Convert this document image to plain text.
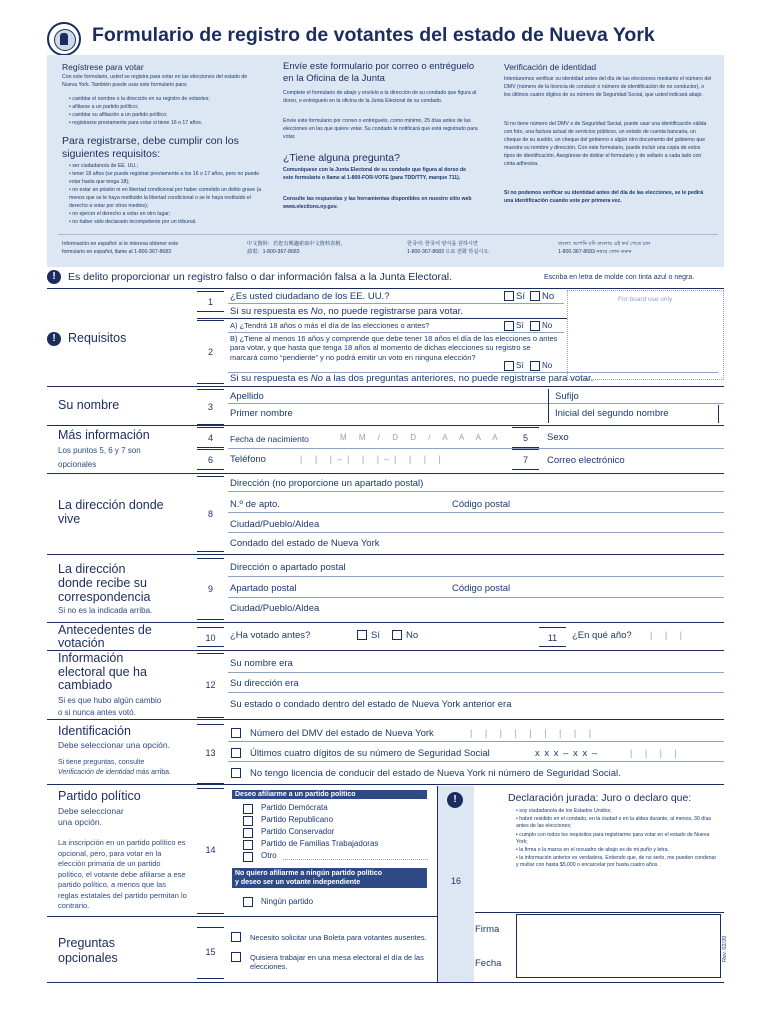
Formulario de registro de votantes del estado de Nueva York
Regístrese para votar
Con este formulario, usted se registra para votar en las elecciones del estado de Nueva York. También puede usar este formulario para:
• cambiar el nombre o la dirección en su registro de votantes;
• afiliarse a un partido político;
• cambiar su afiliación a un partido político;
• registrarse previamente para votar si tiene 16 o 17 años.
Para registrarse, debe cumplir con los siguientes requisitos:
• ser ciudadano/a de EE. UU.;
• tener 18 años (se puede registrar previamente a los 16 o 17 años, pero no puede votar hasta que tenga 18);
• no estar en prisión ni en libertad condicional por haber cometido un delito grave (a menos que se le haya restituido la libertad condicional o se le haya restituido el derecho a votar por otros medios);
• no ejercer el derecho a votar en otro lugar;
• no haber sido declarado incompetente por un tribunal.
Envíe este formulario por correo o entréguelo en la Oficina de la Junta
Complete el formulario de abajo y envíelo a la dirección de su condado que figura al dorso, o entréguelo en la oficina de la Junta Electoral de su condado.
Envíe este formulario por correo o entréguelo, como mínimo, 25 días antes de las elecciones en las que quiere votar. Su condado le notificará que está registrado para votar.
¿Tiene alguna pregunta?
Comuníquese con la Junta Electoral de su condado que figura al dorso de este formulario o llame al 1-800-FOR-VOTE (para TDD/TTY, marque 711).
Consulte las respuestas y las herramientas disponibles en nuestro sitio web www.elections.ny.gov.
Verificación de identidad
Intentaremos verificar su identidad antes del día de las elecciones mediante el número del DMV (número de la licencia de conducir o número de identificación de no conductor), o los últimos cuatro dígitos de su número de Seguridad Social, que usted indicará abajo.
Si no tiene número del DMV o de Seguridad Social, puede usar una identificación válida con foto, una factura actual de servicios públicos, un estado de cuenta bancaria, un cheque de su sueldo, un cheque del gobierno o algún otro documento del gobierno que muestre su nombre y dirección. Con este formulario, puede incluir una copia de estos tipos de identificación. Asegúrese de doblar el formulario y de sellarlo a cada lado con cinta adhesiva.
Si no podemos verificar su identidad antes del día de las elecciones, se le pedirá una identificación cuando vote por primera vez.
Información en español: si le interesa obtener este
formulario en español, llame al 1-800-367-8683
中文資料：若您有興趣索取中文資料表格，
請電：1-800-367-8683
한국어: 한국어 양식을 원하시면
1-800-367-8683 으로 전화 하십시오.
বাংলা: আপনি যদি বাংলায় এই ফর্ম পেতে চান
1-800-367-8683 নম্বরে ফোন করুন
!	Es delito proporcionar un registro falso o dar información falsa a la Junta Electoral.	Escriba en letra de molde con tinta azul o negra.
For board use only
! Requisitos
1	¿Es usted ciudadano de los EE. UU.?	Sí No
Si su respuesta es No, no puede registrarse para votar.
2
A) ¿Tendrá 18 años o más el día de las elecciones o antes?	Sí No
B) ¿Tiene al menos 16 años y comprende que debe tener 18 años el día de las elecciones o antes para votar, y que hasta que tenga 18 años al momento de dichas elecciones su registro se marcará como “pendiente” y no podrá emitir un voto en ninguna elección?
Sí No
Si su respuesta es No a las dos preguntas anteriores, no puede registrarse para votar.
Su nombre	3
Apellido	Sufijo
Primer nombre	Inicial del segundo nombre
Más información
Los puntos 5, 6 y 7 son
opcionales
4	Fecha de nacimiento	M M / D D / A A A A	5	Sexo
6	Teléfono	| | |–| | |–| | | |	7	Correo electrónico
La dirección donde
vive	8
Dirección (no proporcione un apartado postal)
N.º de apto.	Código postal
Ciudad/Pueblo/Aldea
Condado del estado de Nueva York
La dirección
donde recibe su
correspondencia
Si no es la indicada arriba.
9
Dirección o apartado postal
Apartado postal	Código postal
Ciudad/Pueblo/Aldea
Antecedentes de
votación	10	¿Ha votado antes?	Sí	No	11	¿En qué año? | | |
Información
electoral que ha
cambiado
Si es que hubo algún cambio
o si nunca antes votó.
12
Su nombre era
Su dirección era
Su estado o condado dentro del estado de Nueva York anterior era
Identificación
Debe seleccionar una opción.
Si tiene preguntas, consulte
Verificación de identidad más arriba.
13
Número del DMV del estado de Nueva York	| | | | | | | | |
Últimos cuatro dígitos de su número de Seguridad Social	x x x – x x –	| | | |
No tengo licencia de conducir del estado de Nueva York ni número de Seguridad Social.
Partido político
Debe seleccionar
una opción.
La inscripción en un partido político es opcional, pero, para votar en la elección primaria de un partido político, el votante debe afiliarse a ese partido político, a menos que las reglas estatales del partido permitan lo contrario.
14
Deseo afiliarme a un partido político
Partido Demócrata
Partido Republicano
Partido Conservador
Partido de Familias Trabajadoras
Otro
No quiero afiliarme a ningún partido político
y deseo ser un votante independiente
Ningún partido
!
16
Declaración jurada: Juro o declaro que:
• soy ciudadano/a de los Estados Unidos;
• habré residido en el condado, en la ciudad o en la aldea durante, al menos, 30 días antes de las elecciones;
• cumplo con todos los requisitos para registrarme para votar en el estado de Nueva York;
• la firma o la marca en el recuadro de abajo es de mi puño y letra.
• la información anterior es verdadera. Entiendo que, de no serlo, me pueden condenar y multar con hasta $5,000 o encarcelar por hasta cuatro años.
Firma
Fecha
Preguntas
opcionales	15
Necesito solicitar una Boleta para votantes ausentes.
Quisiera trabajar en una mesa electoral el día de las elecciones.
Rev. 02/20
